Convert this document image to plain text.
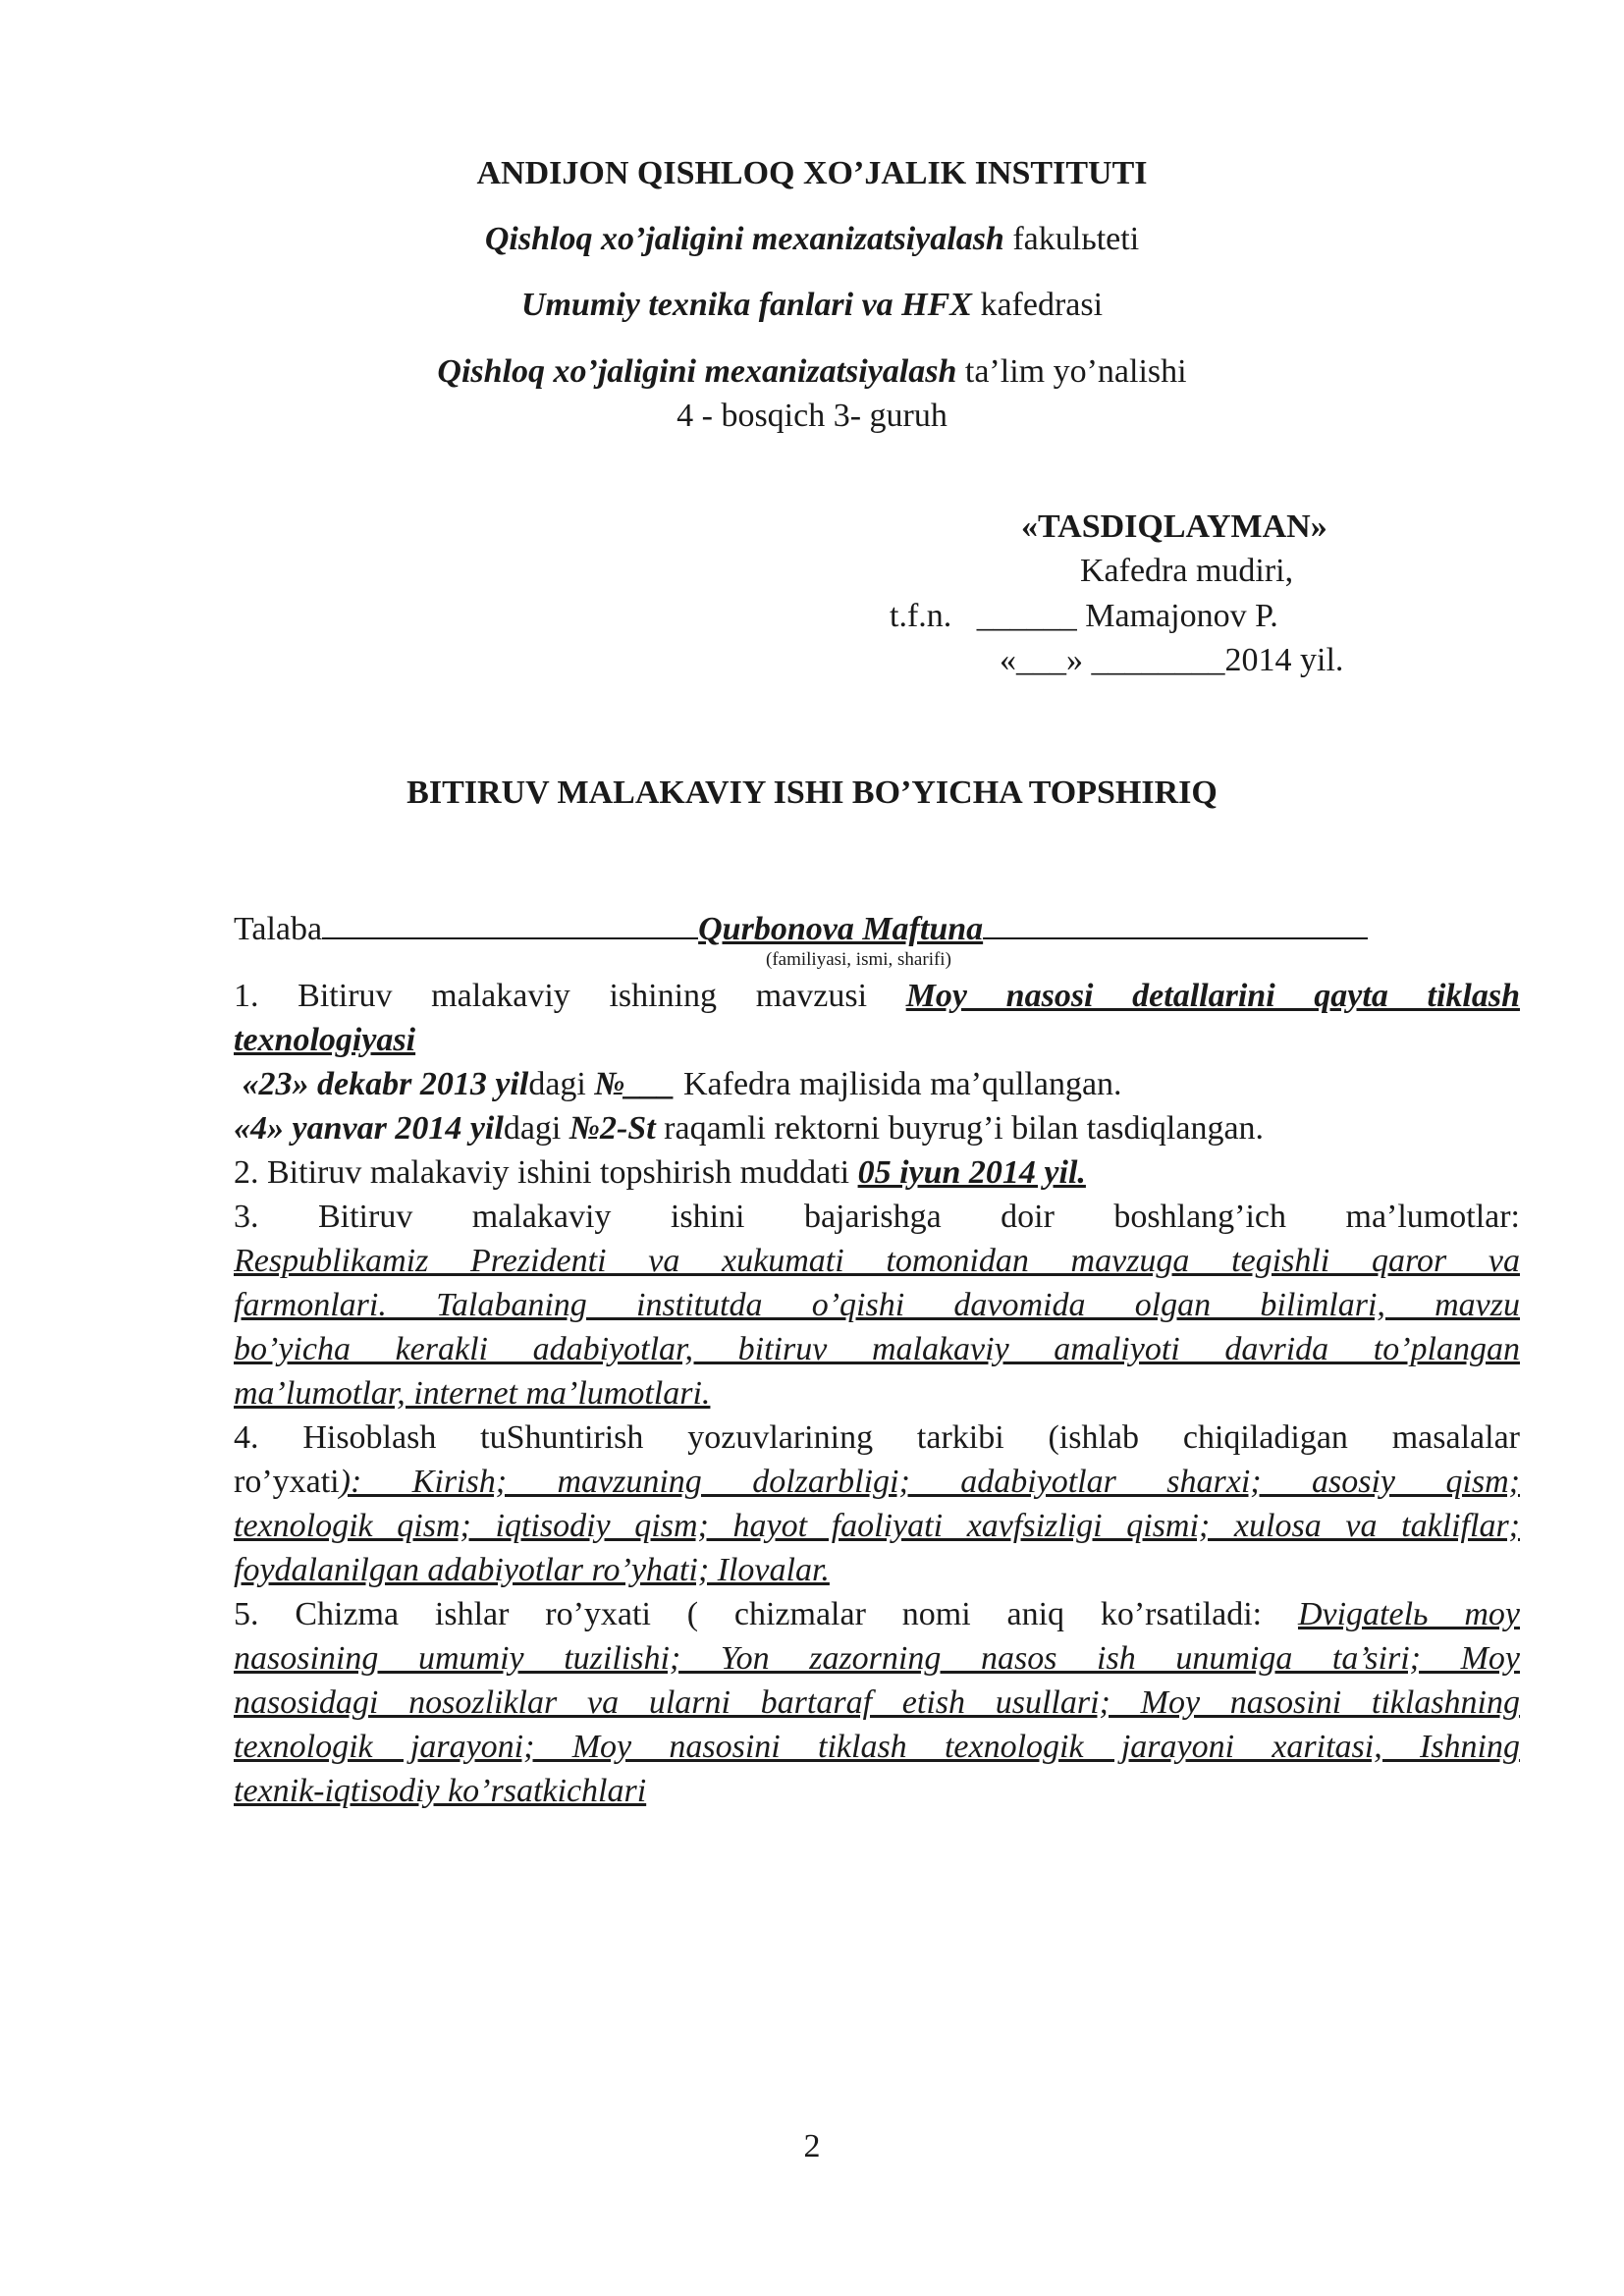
ANDIJON QISHLOQ XO’JALIK INSTITUTI
Qishloq xo’jaligini mexanizatsiyalash fakulьteti
Umumiy texnika fanlari va HFX kafedrasi
Qishloq xo’jaligini mexanizatsiyalash ta’lim yo’nalishi
4 - bosqich 3- guruh
«TASDIQLAYMAN»
Kafedra mudiri,
t.f.n. ______ Mamajonov P.
«___» ________2014 yil.
BITIRUV MALAKAVIY ISHI BO’YICHA TOPSHIRIQ
Talaba	Qurbonova Maftuna
(familiyasi, ismi, sharifi)
1. Bitiruv malakaviy ishining mavzusi Moy nasosi detallarini qayta tiklash
texnologiyasi
«23» dekabr 2013 yildagi №___ Kafedra majlisida ma’qullangan.
«4» yanvar 2014 yildagi №2-St raqamli rektorni buyrug’i bilan tasdiqlangan.
2. Bitiruv malakaviy ishini topshirish muddati 05 iyun 2014 yil.
3. Bitiruv malakaviy ishini bajarishga doir boshlang’ich ma’lumotlar:
Respublikamiz Prezidenti va xukumati tomonidan mavzuga tegishli qaror va
farmonlari. Talabaning institutda o’qishi davomida olgan bilimlari, mavzu
bo’yicha kerakli adabiyotlar, bitiruv malakaviy amaliyoti davrida to’plangan
ma’lumotlar, internet ma’lumotlari.
4. Hisoblash tuShuntirish yozuvlarining tarkibi (ishlab chiqiladigan masalalar
ro’yxati): Kirish; mavzuning dolzarbligi; adabiyotlar sharxi; asosiy qism;
texnologik qism; iqtisodiy qism; hayot faoliyati xavfsizligi qismi; xulosa va takliflar;
foydalanilgan adabiyotlar ro’yhati; Ilovalar.
5. Chizma ishlar ro’yxati ( chizmalar nomi aniq ko’rsatiladi: Dvigatelь moy
nasosining umumiy tuzilishi; Yon zazorning nasos ish unumiga ta’siri; Moy
nasosidagi nosozliklar va ularni bartaraf etish usullari; Moy nasosini tiklashning
texnologik jarayoni; Moy nasosini tiklash texnologik jarayoni xaritasi, Ishning
texnik-iqtisodiy ko’rsatkichlari
2
